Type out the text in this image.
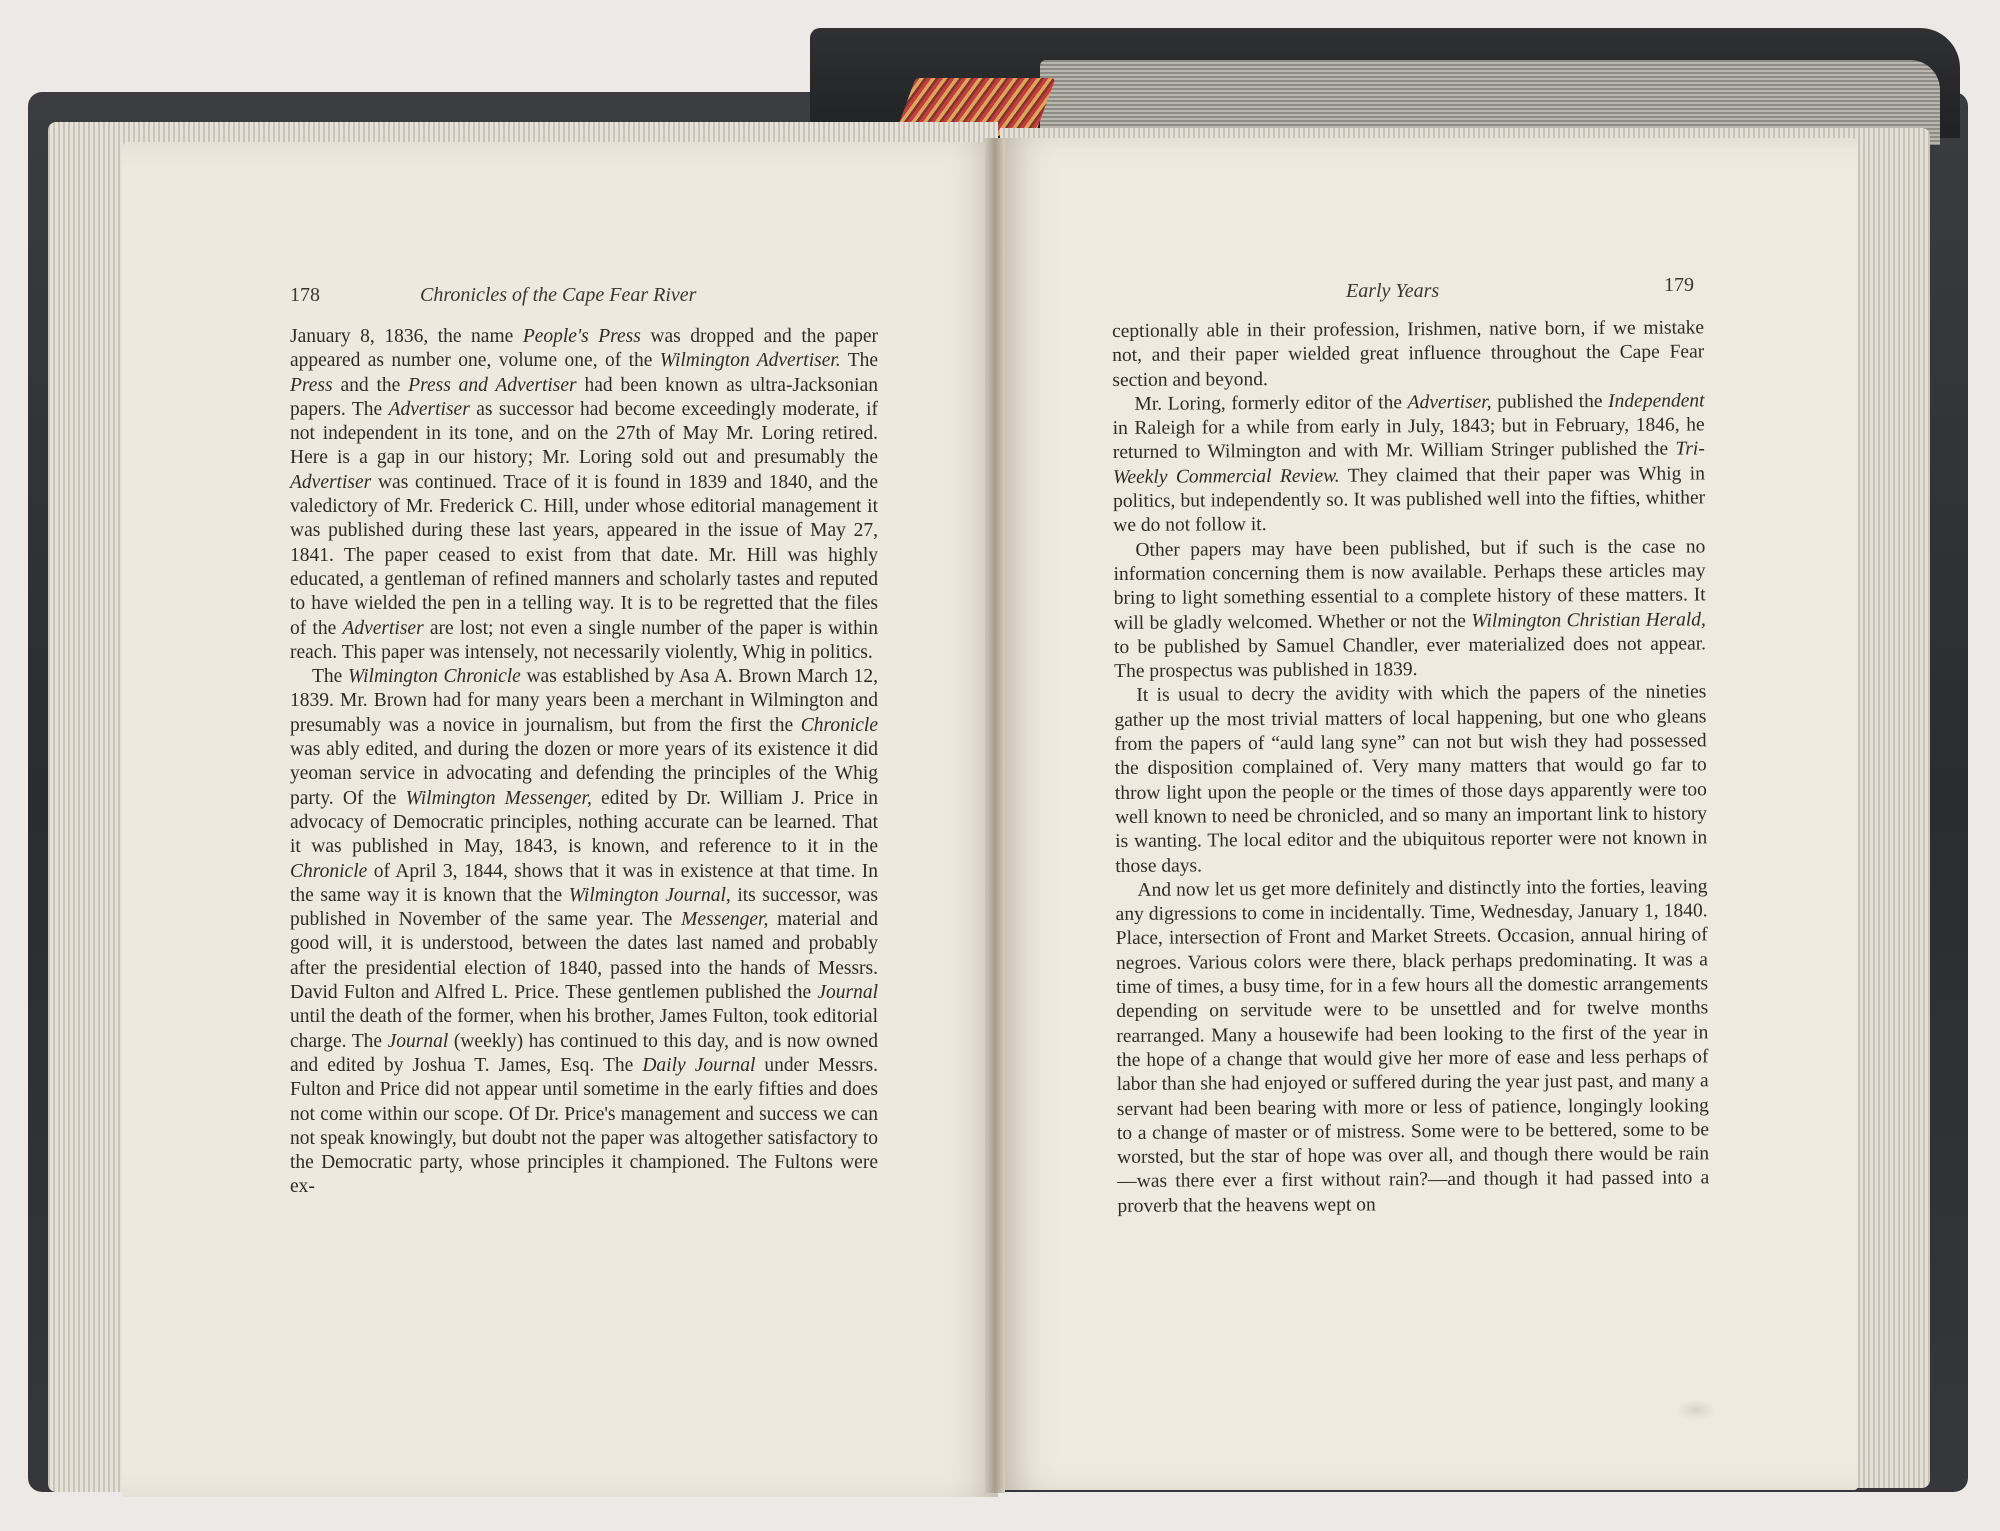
178	Chronicles of the Cape Fear River	Early Years	179

January 8, 1836, the name People's Press was dropped and the paper appeared as number one, volume one, of the Wilmington Advertiser. The Press and the Press and Advertiser had been known as ultra-Jacksonian papers. The Advertiser as successor had become exceedingly moderate, if not independent in its tone, and on the 27th of May Mr. Loring retired. Here is a gap in our history; Mr. Loring sold out and presumably the Advertiser was continued. Trace of it is found in 1839 and 1840, and the valedictory of Mr. Frederick C. Hill, under whose editorial management it was published during these last years, appeared in the issue of May 27, 1841. The paper ceased to exist from that date. Mr. Hill was highly educated, a gentleman of refined manners and scholarly tastes and reputed to have wielded the pen in a telling way. It is to be regretted that the files of the Advertiser are lost; not even a single number of the paper is within reach. This paper was intensely, not necessarily violently, Whig in politics.

The Wilmington Chronicle was established by Asa A. Brown March 12, 1839. Mr. Brown had for many years been a merchant in Wilmington and presumably was a novice in journalism, but from the first the Chronicle was ably edited, and during the dozen or more years of its existence it did yeoman service in advocating and defending the principles of the Whig party. Of the Wilmington Messenger, edited by Dr. William J. Price in advocacy of Democratic principles, nothing accurate can be learned. That it was published in May, 1843, is known, and reference to it in the Chronicle of April 3, 1844, shows that it was in existence at that time. In the same way it is known that the Wilmington Journal, its successor, was published in November of the same year. The Messenger, material and good will, it is understood, between the dates last named and probably after the presidential election of 1840, passed into the hands of Messrs. David Fulton and Alfred L. Price. These gentlemen published the Journal until the death of the former, when his brother, James Fulton, took editorial charge. The Journal (weekly) has continued to this day, and is now owned and edited by Joshua T. James, Esq. The Daily Journal under Messrs. Fulton and Price did not appear until sometime in the early fifties and does not come within our scope. Of Dr. Price's management and success we can not speak knowingly, but doubt not the paper was altogether satisfactory to the Democratic party, whose principles it championed. The Fultons were ex-

ceptionally able in their profession, Irishmen, native born, if we mistake not, and their paper wielded great influence throughout the Cape Fear section and beyond.

Mr. Loring, formerly editor of the Advertiser, published the Independent in Raleigh for a while from early in July, 1843; but in February, 1846, he returned to Wilmington and with Mr. William Stringer published the Tri-Weekly Commercial Review. They claimed that their paper was Whig in politics, but independently so. It was published well into the fifties, whither we do not follow it.

Other papers may have been published, but if such is the case no information concerning them is now available. Perhaps these articles may bring to light something essential to a complete history of these matters. It will be gladly welcomed. Whether or not the Wilmington Christian Herald, to be published by Samuel Chandler, ever materialized does not appear. The prospectus was published in 1839.

It is usual to decry the avidity with which the papers of the nineties gather up the most trivial matters of local happening, but one who gleans from the papers of “auld lang syne” can not but wish they had possessed the disposition complained of. Very many matters that would go far to throw light upon the people or the times of those days apparently were too well known to need be chronicled, and so many an important link to history is wanting. The local editor and the ubiquitous reporter were not known in those days.

And now let us get more definitely and distinctly into the forties, leaving any digressions to come in incidentally. Time, Wednesday, January 1, 1840. Place, intersection of Front and Market Streets. Occasion, annual hiring of negroes. Various colors were there, black perhaps predominating. It was a time of times, a busy time, for in a few hours all the domestic arrangements depending on servitude were to be unsettled and for twelve months rearranged. Many a housewife had been looking to the first of the year in the hope of a change that would give her more of ease and less perhaps of labor than she had enjoyed or suffered during the year just past, and many a servant had been bearing with more or less of patience, longingly looking to a change of master or of mistress. Some were to be bettered, some to be worsted, but the star of hope was over all, and though there would be rain—was there ever a first without rain?—and though it had passed into a proverb that the heavens wept on
